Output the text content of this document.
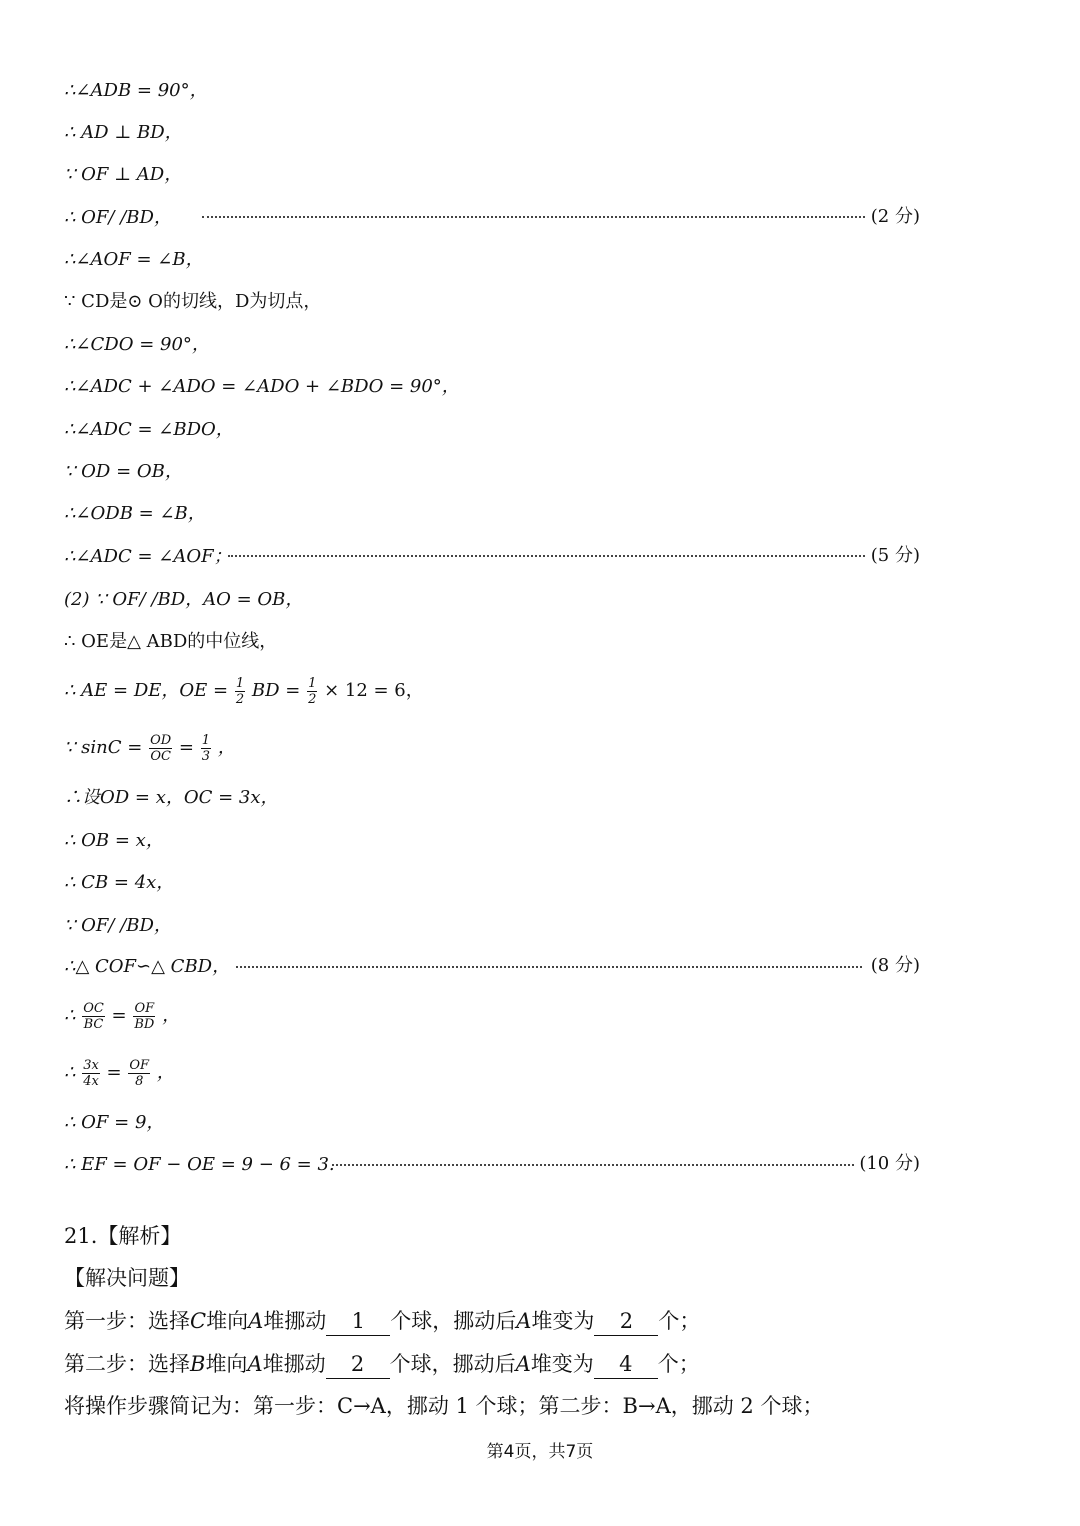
∴∠ADB = 90°，
∴ AD ⊥ BD，
∵ OF ⊥ AD，
∴ OF/ /BD，	(2 分)
∴∠AOF = ∠B，
∵ CD是⊙ O的切线，D为切点，
∴∠CDO = 90°，
∴∠ADC + ∠ADO = ∠ADO + ∠BDO = 90°，
∴∠ADC = ∠BDO，
∵ OD = OB，
∴∠ODB = ∠B，
∴∠ADC = ∠AOF；	(5 分)
(2) ∵ OF/ /BD，AO = OB，
∴ OE是△ ABD的中位线，
∴ AE = DE，OE = $\frac{1}{2}$ BD = $\frac{1}{2} \times 12 = 6$，
∵ $\sin C = \frac{OD}{OC} = \frac{1}{3}$ ，
∴设OD = x，OC = 3x，
∴ OB = x，
∴ CB = 4x，
∵ OF/ /BD，
∴△ COF∽△ CBD，	(8 分)
∴ $\frac{OC}{BC} = \frac{OF}{BD}$ ，
∴ $\frac{3x}{4x} = \frac{OF}{8}$ ，
∴ OF = 9，
∴ EF = OF − OE = 9 − 6 = 3.	(10 分)
21.【解析】
【解决问题】
第一步：选择C堆向A堆挪动 1 个球，挪动后A堆变为 2 个；
第二步：选择B堆向A堆挪动 2 个球，挪动后A堆变为 4 个；
将操作步骤简记为：第一步：C→A，挪动 1 个球；第二步：B→A，挪动 2 个球；
第4页，共7页
